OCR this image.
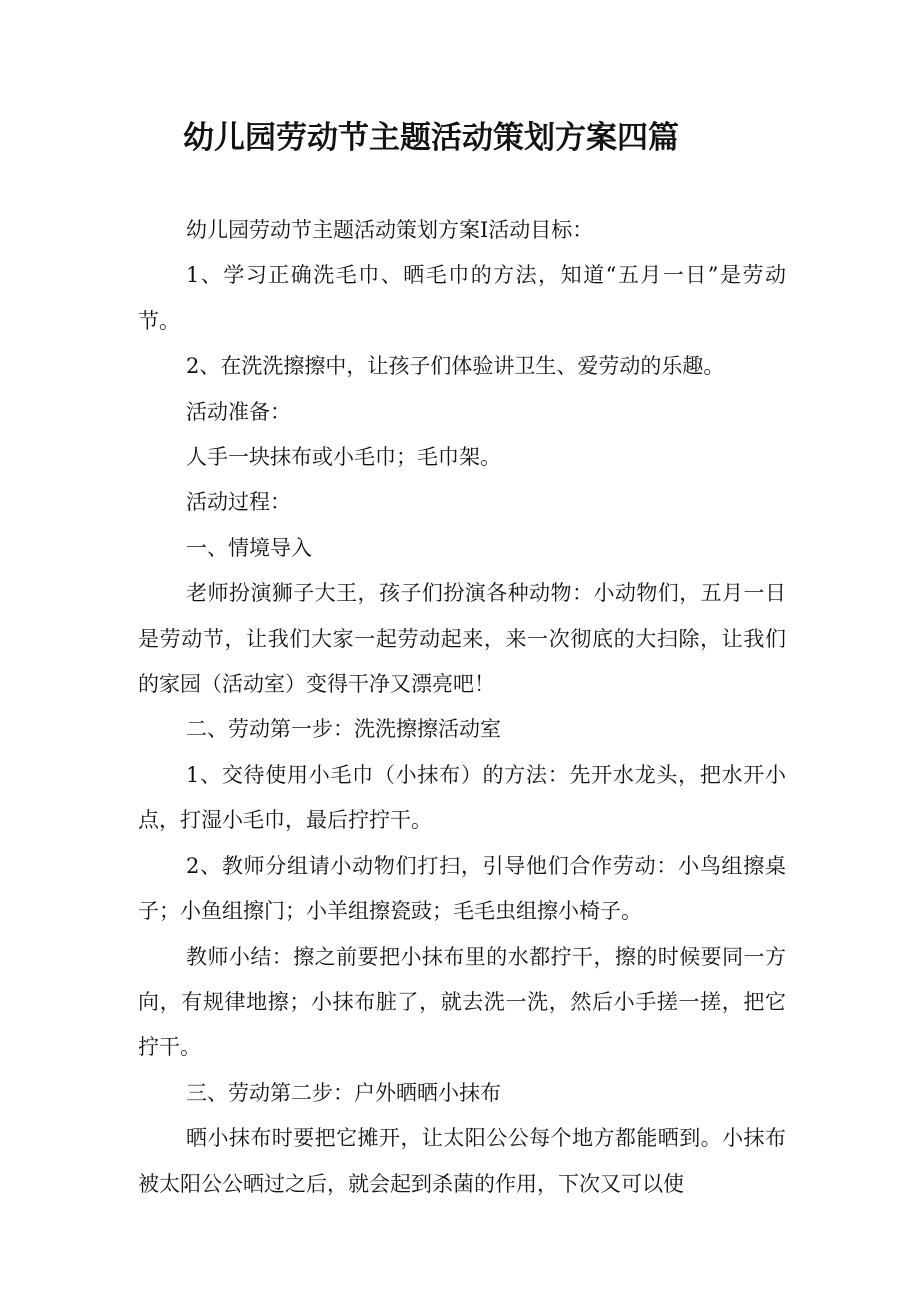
幼儿园劳动节主题活动策划方案四篇

幼儿园劳动节主题活动策划方案I活动目标：

1、学习正确洗毛巾、晒毛巾的方法，知道“五月一日”是劳动节。

2、在洗洗擦擦中，让孩子们体验讲卫生、爱劳动的乐趣。

活动准备：

人手一块抹布或小毛巾；毛巾架。

活动过程：

一、情境导入

老师扮演狮子大王，孩子们扮演各种动物：小动物们，五月一日是劳动节，让我们大家一起劳动起来，来一次彻底的大扫除，让我们的家园（活动室）变得干净又漂亮吧！

二、劳动第一步：洗洗擦擦活动室

1、交待使用小毛巾（小抹布）的方法：先开水龙头，把水开小点，打湿小毛巾，最后拧拧干。

2、教师分组请小动物们打扫，引导他们合作劳动：小鸟组擦桌子；小鱼组擦门；小羊组擦瓷豉；毛毛虫组擦小椅子。

教师小结：擦之前要把小抹布里的水都拧干，擦的时候要同一方向，有规律地擦；小抹布脏了，就去洗一洗，然后小手搓一搓，把它拧干。

三、劳动第二步：户外晒晒小抹布

晒小抹布时要把它摊开，让太阳公公每个地方都能晒到。小抹布被太阳公公晒过之后，就会起到杀菌的作用，下次又可以使
